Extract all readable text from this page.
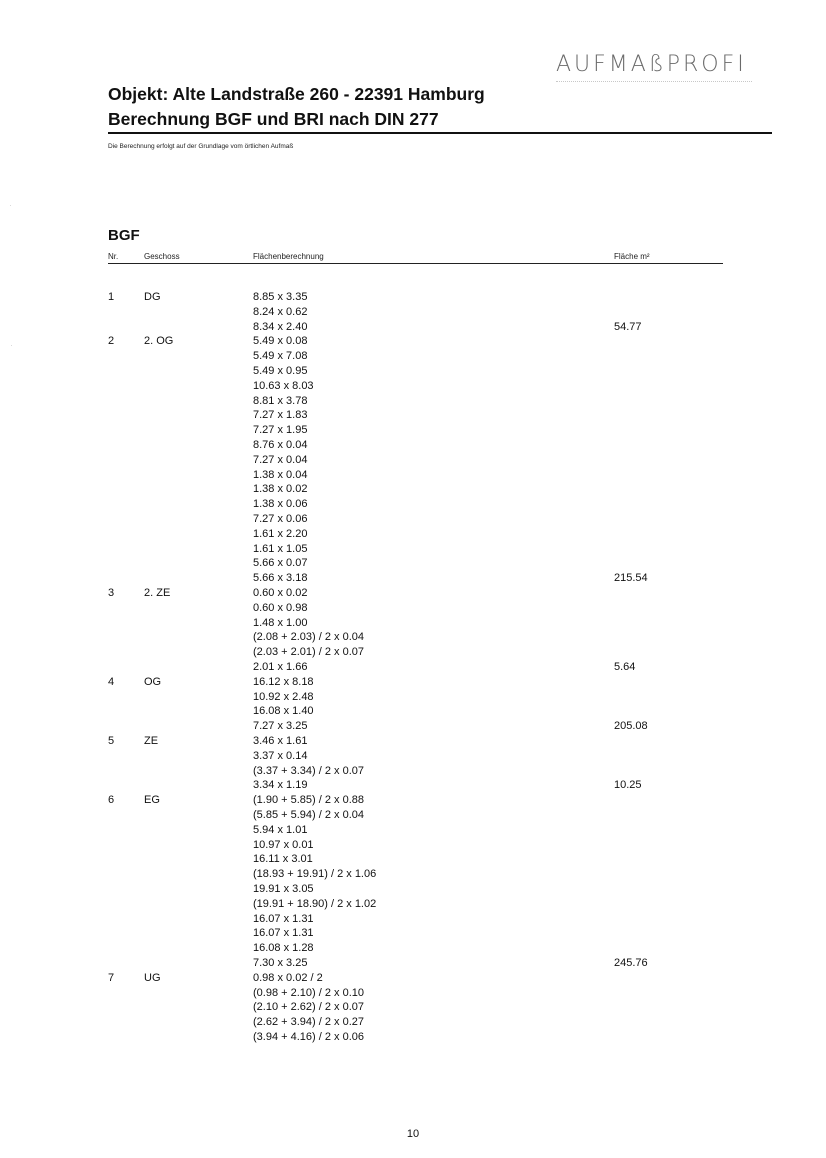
AUFMAßPROFI
Objekt: Alte Landstraße 260 - 22391 Hamburg
Berechnung BGF und BRI nach DIN 277
Die Berechnung erfolgt auf der Grundlage vom örtlichen Aufmaß
BGF
Nr.	Geschoss	Flächenberechnung	Fläche m²
1	DG	8.85 x 3.35
8.24 x 0.62
8.34 x 2.40	54.77
2	2. OG	5.49 x 0.08
5.49 x 7.08
5.49 x 0.95
10.63 x 8.03
8.81 x 3.78
7.27 x 1.83
7.27 x 1.95
8.76 x 0.04
7.27 x 0.04
1.38 x 0.04
1.38 x 0.02
1.38 x 0.06
7.27 x 0.06
1.61 x 2.20
1.61 x 1.05
5.66 x 0.07
5.66 x 3.18	215.54
3	2. ZE	0.60 x 0.02
0.60 x 0.98
1.48 x 1.00
(2.08 + 2.03) / 2 x 0.04
(2.03 + 2.01) / 2 x 0.07
2.01 x 1.66	5.64
4	OG	16.12 x 8.18
10.92 x 2.48
16.08 x 1.40
7.27 x 3.25	205.08
5	ZE	3.46 x 1.61
3.37 x 0.14
(3.37 + 3.34) / 2 x 0.07
3.34 x 1.19	10.25
6	EG	(1.90 + 5.85) / 2 x 0.88
(5.85 + 5.94) / 2 x 0.04
5.94 x 1.01
10.97 x 0.01
16.11 x 3.01
(18.93 + 19.91) / 2 x 1.06
19.91 x 3.05
(19.91 + 18.90) / 2 x 1.02
16.07 x 1.31
16.07 x 1.31
16.08 x 1.28
7.30 x 3.25	245.76
7	UG	0.98 x 0.02 / 2
(0.98 + 2.10) / 2 x 0.10
(2.10 + 2.62) / 2 x 0.07
(2.62 + 3.94) / 2 x 0.27
(3.94 + 4.16) / 2 x 0.06
10
